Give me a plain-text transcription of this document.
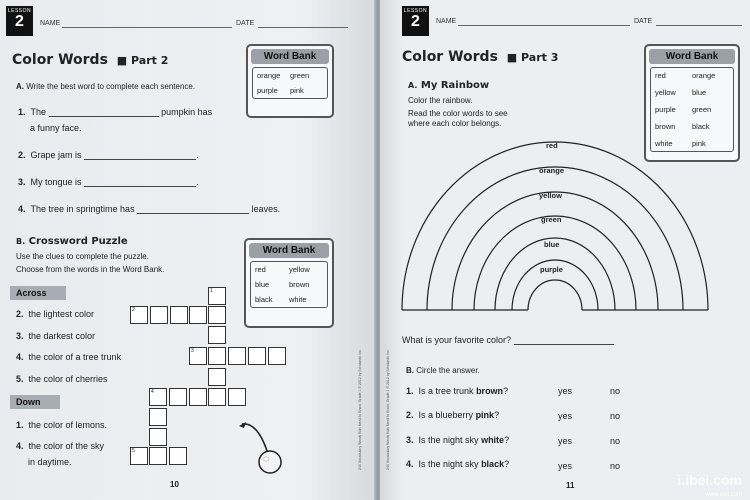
LESSON
2	NAME	DATE
Color Words ■ Part 2	Word Bank
orange	green
purple	pink
A. Write the best word to complete each sentence.
1. The	pumpkin has
a funny face.
2. Grape jam is	.
3. My tongue is	.
4. The tree in springtime has	leaves.
B. Crossword Puzzle
Use the clues to complete the puzzle.
Choose from the words in the Word Bank.
Word Bank
red	yellow
blue	brown
black	white
Across
2. the lightest color
3. the darkest color
4. the color of a tree trunk
5. the color of cherries
Down
1. the color of lemons.
4. the color of the sky
in daytime.
1
2
3
4
5
10
240 Vocabulary Words Kids Need to Know: Grade 1 © 2012 by Scholastic Inc.
LESSON
2	NAME	DATE
Color Words ■ Part 3	Word Bank
red	orange
yellow	blue
purple	green
brown	black
white	pink
A. My Rainbow
Color the rainbow.
Read the color words to see
where each color belongs.
red
orange
yellow
green
blue
purple
What is your favorite color?
B. Circle the answer.
1. Is a tree trunk brown?	yes	no
2. Is a blueberry pink?	yes	no
3. Is the night sky white?	yes	no
4. Is the night sky black?	yes	no
11
240 Vocabulary Words Kids Need to Know: Grade 1 © 2012 by Scholastic Inc.
i.ibei.com
www.ibei.com
